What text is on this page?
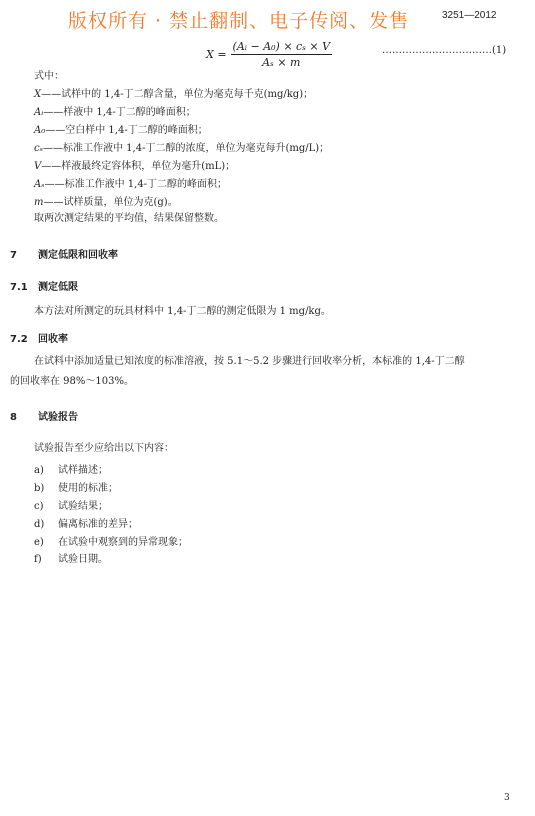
版权所有 · 禁止翻制、电子传阅、发售	3251—2012
$X = \frac{\text{(Aᵢ − A₀) × cₛ × V}}{\text{Aₛ × m}}$	……………………………(1)
式中：
X——试样中的 1,4-丁二醇含量，单位为毫克每千克(mg/kg)；
Aᵢ——样液中 1,4-丁二醇的峰面积；
A₀——空白样中 1,4-丁二醇的峰面积；
cₛ——标准工作液中 1,4-丁二醇的浓度，单位为毫克每升(mg/L)；
V——样液最终定容体积，单位为毫升(mL)；
Aₛ——标准工作液中 1,4-丁二醇的峰面积；
m——试样质量，单位为克(g)。
取两次测定结果的平均值，结果保留整数。
7 测定低限和回收率
7.1 测定低限
本方法对所测定的玩具材料中 1,4-丁二醇的测定低限为 1 mg/kg。
7.2 回收率
在试料中添加适量已知浓度的标准溶液，按 5.1～5.2 步骤进行回收率分析，本标准的 1,4-丁二醇
的回收率在 98%～103%。
8 试验报告
试验报告至少应给出以下内容：
a) 试样描述；
b) 使用的标准；
c) 试验结果；
d) 偏离标准的差异；
e) 在试验中观察到的异常现象；
f) 试验日期。
3
